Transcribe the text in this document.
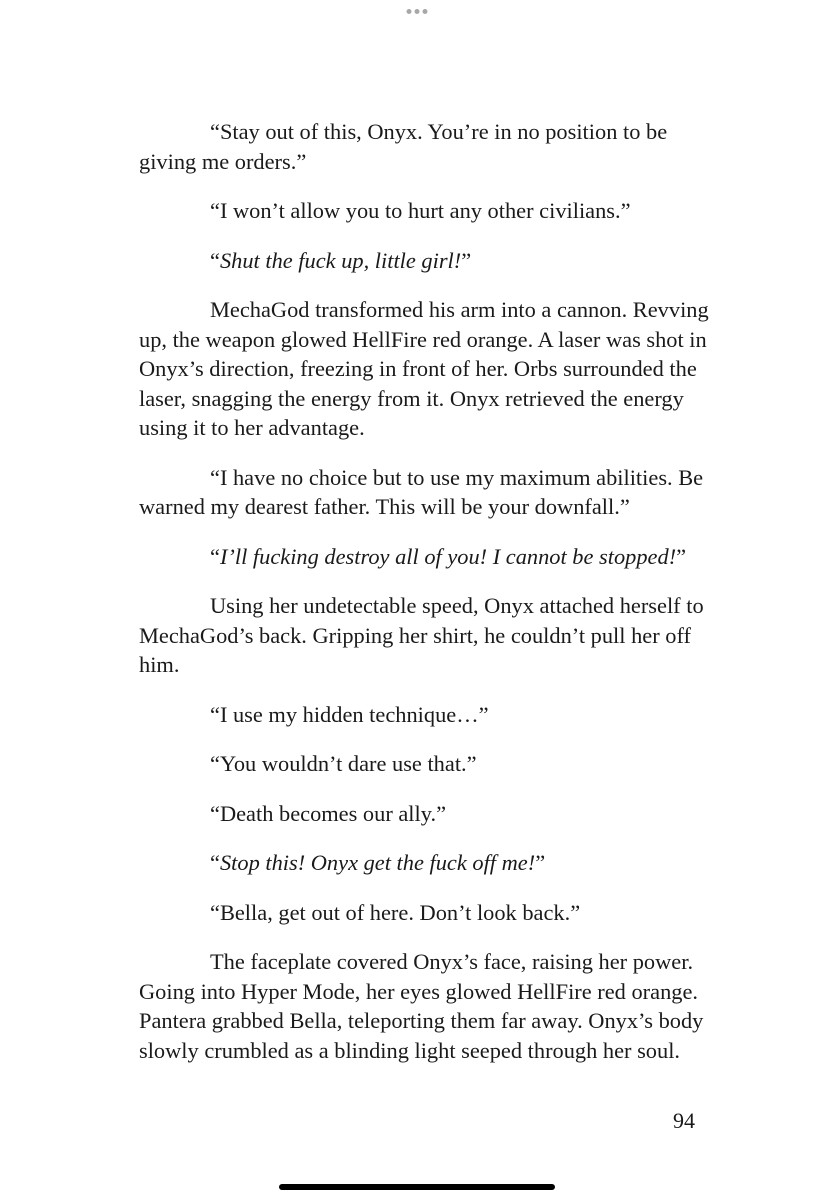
“Stay out of this, Onyx. You’re in no position to be giving me orders.”

“I won’t allow you to hurt any other civilians.”

“Shut the fuck up, little girl!”

MechaGod transformed his arm into a cannon. Revving up, the weapon glowed HellFire red orange. A laser was shot in Onyx’s direction, freezing in front of her. Orbs surrounded the laser, snagging the energy from it. Onyx retrieved the energy using it to her advantage.

“I have no choice but to use my maximum abilities. Be warned my dearest father. This will be your downfall.”

“I’ll fucking destroy all of you! I cannot be stopped!”

Using her undetectable speed, Onyx attached herself to MechaGod’s back. Gripping her shirt, he couldn’t pull her off him.

“I use my hidden technique…”

“You wouldn’t dare use that.”

“Death becomes our ally.”

“Stop this! Onyx get the fuck off me!”

“Bella, get out of here. Don’t look back.”

The faceplate covered Onyx’s face, raising her power. Going into Hyper Mode, her eyes glowed HellFire red orange. Pantera grabbed Bella, teleporting them far away. Onyx’s body slowly crumbled as a blinding light seeped through her soul.

94
